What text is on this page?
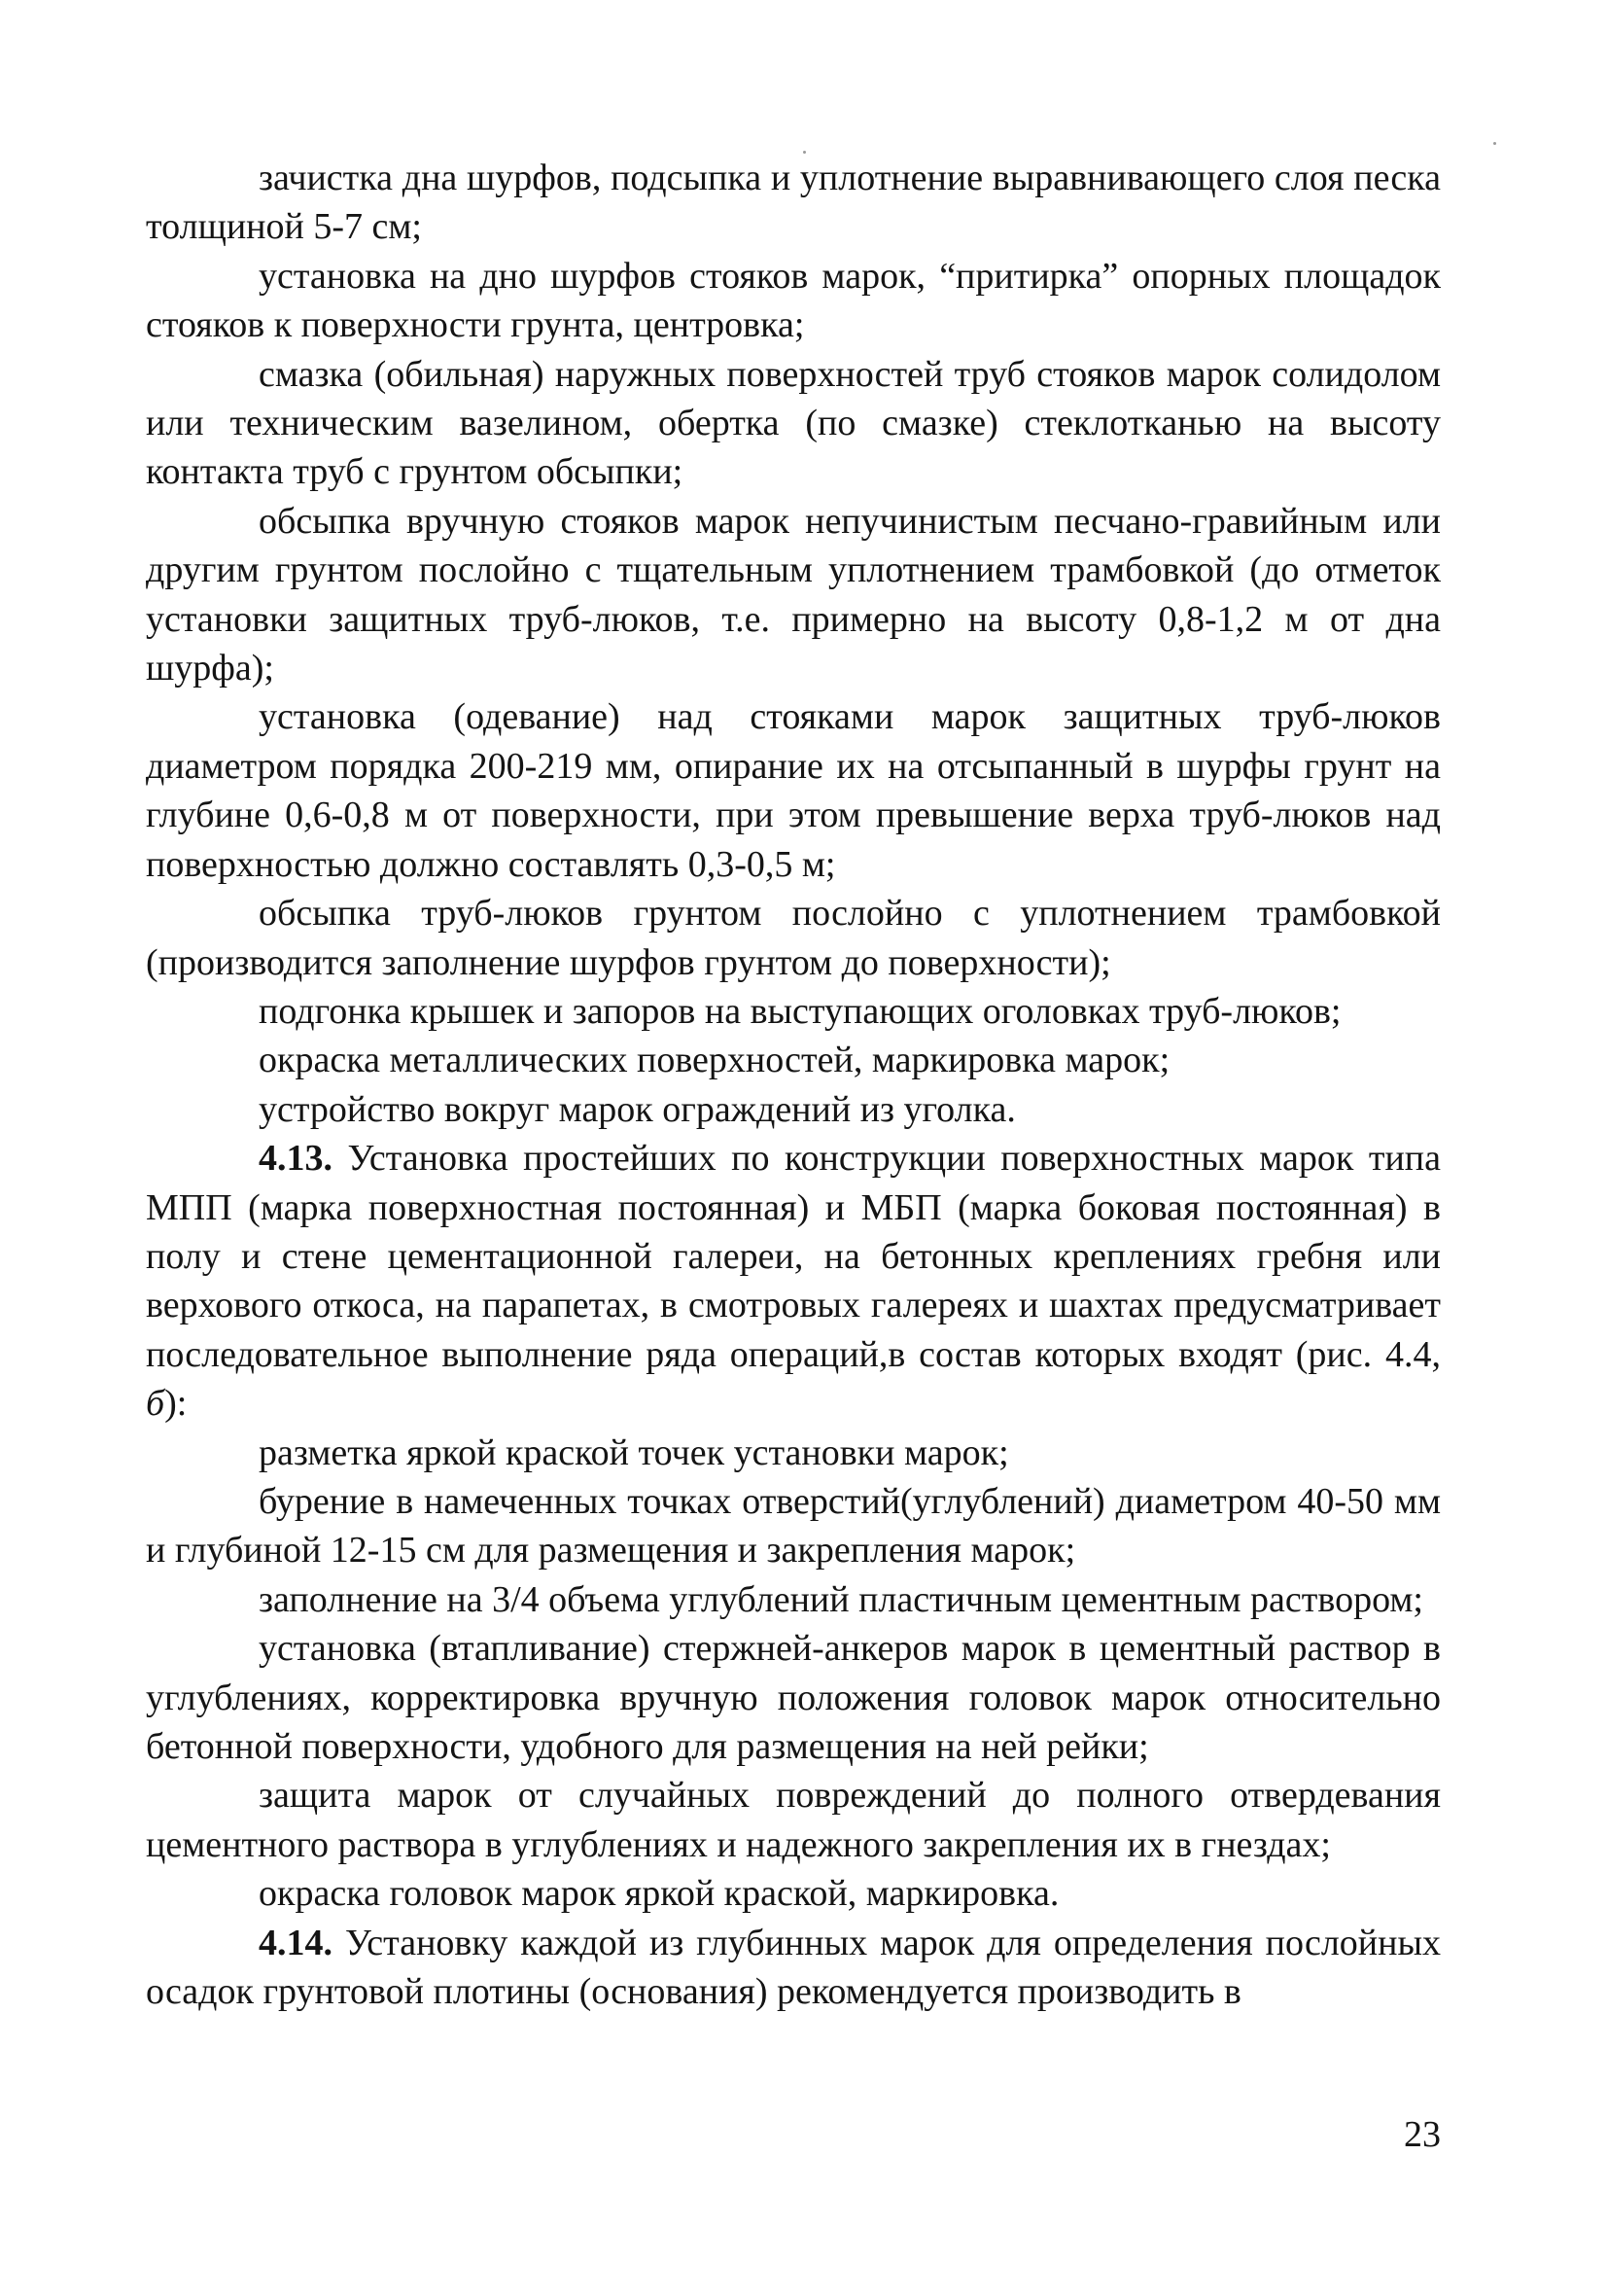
зачистка дна шурфов, подсыпка и уплотнение выравнивающего слоя песка толщиной 5-7 см;

установка на дно шурфов стояков марок, “притирка” опорных площадок стояков к поверхности грунта, центровка;

смазка (обильная) наружных поверхностей труб стояков марок солидолом или техническим вазелином, обертка (по смазке) стеклотканью на высоту контакта труб с грунтом обсыпки;

обсыпка вручную стояков марок непучинистым песчано-гравийным или другим грунтом послойно с тщательным уплотнением трамбовкой (до отметок установки защитных труб-люков, т.е. примерно на высоту 0,8-1,2 м от дна шурфа);

установка (одевание) над стояками марок защитных труб-люков диаметром порядка 200-219 мм, опирание их на отсыпанный в шурфы грунт на глубине 0,6-0,8 м от поверхности, при этом превышение верха труб-люков над поверхностью должно составлять 0,3-0,5 м;

обсыпка труб-люков грунтом послойно с уплотнением трамбовкой (производится заполнение шурфов грунтом до поверхности);

подгонка крышек и запоров на выступающих оголовках труб-люков;

окраска металлических поверхностей, маркировка марок;

устройство вокруг марок ограждений из уголка.

4.13. Установка простейших по конструкции поверхностных марок типа МПП (марка поверхностная постоянная) и МБП (марка боковая постоянная) в полу и стене цементационной галереи, на бетонных креплениях гребня или верхового откоса, на парапетах, в смотровых галереях и шахтах предусматривает последовательное выполнение ряда операций,в состав которых входят (рис. 4.4, б):

разметка яркой краской точек установки марок;

бурение в намеченных точках отверстий(углублений) диаметром 40-50 мм и глубиной 12-15 см для размещения и закрепления марок;

заполнение на 3/4 объема углублений пластичным цементным раствором;

установка (втапливание) стержней-анкеров марок в цементный раствор в углублениях, корректировка вручную положения головок марок относительно бетонной поверхности, удобного для размещения на ней рейки;

защита марок от случайных повреждений до полного отвердевания цементного раствора в углублениях и надежного закрепления их в гнездах;

окраска головок марок яркой краской, маркировка.

4.14. Установку каждой из глубинных марок для определения послойных осадок грунтовой плотины (основания) рекомендуется производить в

23
